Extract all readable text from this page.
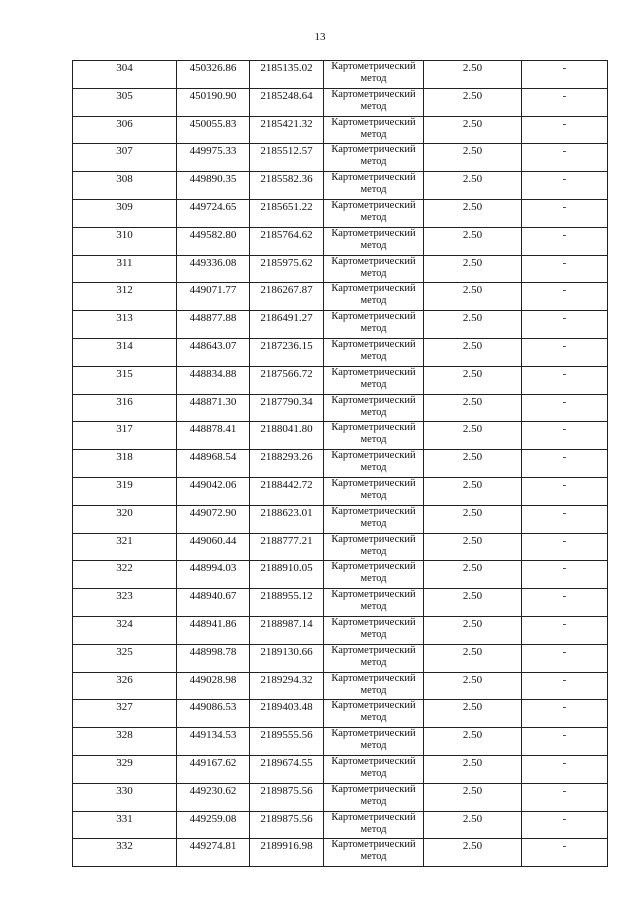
13
304	450326.86	2185135.02	Картометрический метод	2.50	-
305	450190.90	2185248.64	Картометрический метод	2.50	-
306	450055.83	2185421.32	Картометрический метод	2.50	-
307	449975.33	2185512.57	Картометрический метод	2.50	-
308	449890.35	2185582.36	Картометрический метод	2.50	-
309	449724.65	2185651.22	Картометрический метод	2.50	-
310	449582.80	2185764.62	Картометрический метод	2.50	-
311	449336.08	2185975.62	Картометрический метод	2.50	-
312	449071.77	2186267.87	Картометрический метод	2.50	-
313	448877.88	2186491.27	Картометрический метод	2.50	-
314	448643.07	2187236.15	Картометрический метод	2.50	-
315	448834.88	2187566.72	Картометрический метод	2.50	-
316	448871.30	2187790.34	Картометрический метод	2.50	-
317	448878.41	2188041.80	Картометрический метод	2.50	-
318	448968.54	2188293.26	Картометрический метод	2.50	-
319	449042.06	2188442.72	Картометрический метод	2.50	-
320	449072.90	2188623.01	Картометрический метод	2.50	-
321	449060.44	2188777.21	Картометрический метод	2.50	-
322	448994.03	2188910.05	Картометрический метод	2.50	-
323	448940.67	2188955.12	Картометрический метод	2.50	-
324	448941.86	2188987.14	Картометрический метод	2.50	-
325	448998.78	2189130.66	Картометрический метод	2.50	-
326	449028.98	2189294.32	Картометрический метод	2.50	-
327	449086.53	2189403.48	Картометрический метод	2.50	-
328	449134.53	2189555.56	Картометрический метод	2.50	-
329	449167.62	2189674.55	Картометрический метод	2.50	-
330	449230.62	2189875.56	Картометрический метод	2.50	-
331	449259.08	2189875.56	Картометрический метод	2.50	-
332	449274.81	2189916.98	Картометрический метод	2.50	-
